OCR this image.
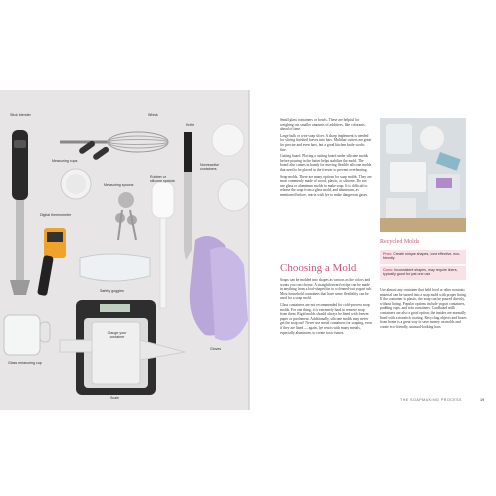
Stick blender	Whisk
Knife
Measuring cups
Measuring spoons
Rubber or silicone spatula
Nonreactive containers
Digital thermometer
Safety goggles
Glass measuring cup
Gloves
Scale
Gauge your container

Small glass containers or bowls. These are helpful for weighing out smaller amounts of additives, like colorants, ahead of time.

Large bulk or wire soap slicer. A sharp implement is needed for slicing finished loaves into bars. Multibar cutters are great for precise and even bars, but a good kitchen knife works fine.

Cutting board. Placing a cutting board under silicone molds before pouring in the batter helps stabilize the mold. The board also comes in handy for moving flexible silicone molds that need to be placed in the freezer to prevent overheating.

Soap molds. There are many options for soap molds. They are most commonly made of wood, plastic, or silicone. Do not use glass or aluminum molds to make soap. It is difficult to release the soap from a glass mold, and aluminum, as mentioned before, reacts with lye to make dangerous gases.

Choosing a Mold

Soaps can be molded into shapes as various as the colors and scents you can choose. A straightforward recipe can be made in anything from a loaf-shaped tin to a cleaned-out yogurt tub. Most household containers that have some flexibility can be used for a soap mold.

Glass containers are not recommended for cold-process soap molds. For one thing, it is extremely hard to remove soap from them. Rigid molds should always be lined with freezer paper or parchment. Additionally, silicone molds may never get the soap out! Never use metal containers for soaping, even if they are lined — again, lye reacts with many metals, especially aluminum, to create toxic fumes.

Recycled Molds
Pros: Create unique shapes, cost effective, eco-friendly
Cons: Inconsistent shapes, may require liners, typically good for just one use

Use almost any container that held food or other nontoxic material can be turned into a soap mold with proper lining. If the container is plastic, the soap can be poured directly, without lining. Popular options include yogurt containers, pudding cups, and tofu containers. Cardboard milk containers are also a good option; the insides are normally lined with a nonstick coating. Recycling objects and boxes from home is a great way to save money on molds and create eco-friendly, unusual-looking bars.

THE SOAPMAKING PROCESS	19
